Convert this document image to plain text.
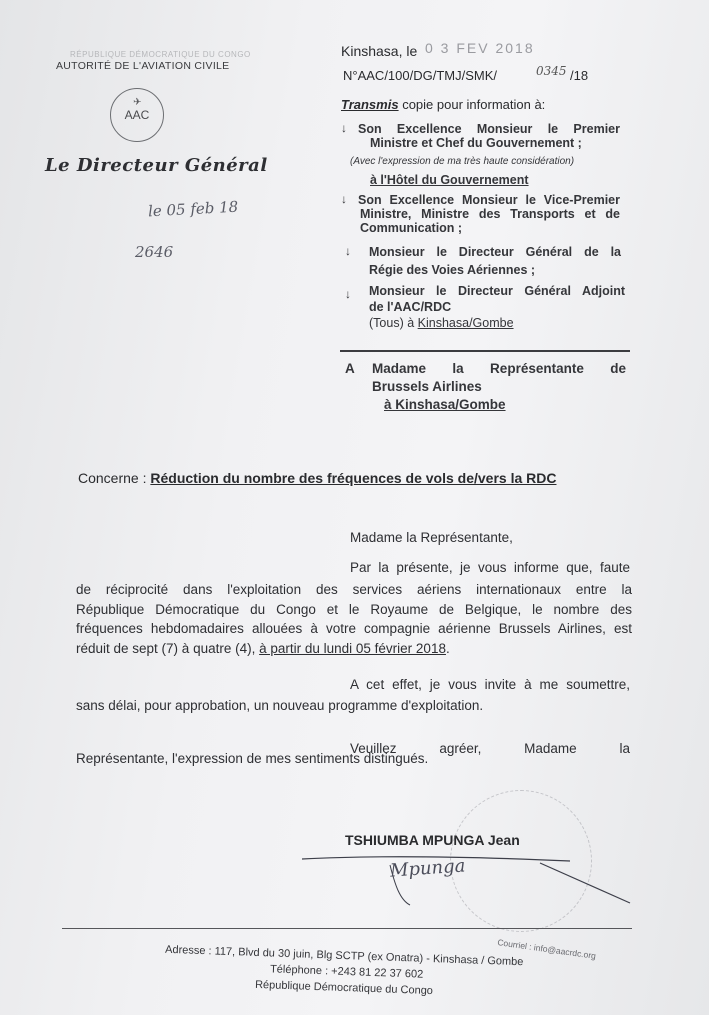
RÉPUBLIQUE DÉMOCRATIQUE DU CONGO
AUTORITÉ DE L'AVIATION CIVILE
✈
AAC
Le Directeur Général
le 05 feb 18
2646
Kinshasa, le 0 3 FEV 2018
N°AAC/100/DG/TMJ/SMK/	0345 /18
Transmis copie pour information à:
↓ Son Excellence Monsieur le Premier
Ministre et Chef du Gouvernement ;
(Avec l'expression de ma très haute considération)
à l'Hôtel du Gouvernement
↓ Son Excellence Monsieur le Vice-Premier
Ministre, Ministre des Transports et de
Communication ;
↓ Monsieur le Directeur Général de la
Régie des Voies Aériennes ;
↓ Monsieur le Directeur Général Adjoint
de l'AAC/RDC
(Tous) à Kinshasa/Gombe
A Madame la Représentante de
Brussels Airlines
à Kinshasa/Gombe
Concerne : Réduction du nombre des fréquences de vols de/vers la RDC
Madame la Représentante,
Par la présente, je vous informe que, faute
de réciprocité dans l'exploitation des services aériens internationaux entre la
République Démocratique du Congo et le Royaume de Belgique, le nombre des
fréquences hebdomadaires allouées à votre compagnie aérienne Brussels Airlines, est
réduit de sept (7) à quatre (4), à partir du lundi 05 février 2018.
A cet effet, je vous invite à me soumettre,
sans délai, pour approbation, un nouveau programme d'exploitation.
Veuillez agréer, Madame la
Représentante, l'expression de mes sentiments distingués.
TSHIUMBA MPUNGA Jean
Mpunga
Courriel : info@aacrdc.org
Adresse : 117, Blvd du 30 juin, Blg SCTP (ex Onatra) - Kinshasa / Gombe
Téléphone : +243 81 22 37 602
République Démocratique du Congo
